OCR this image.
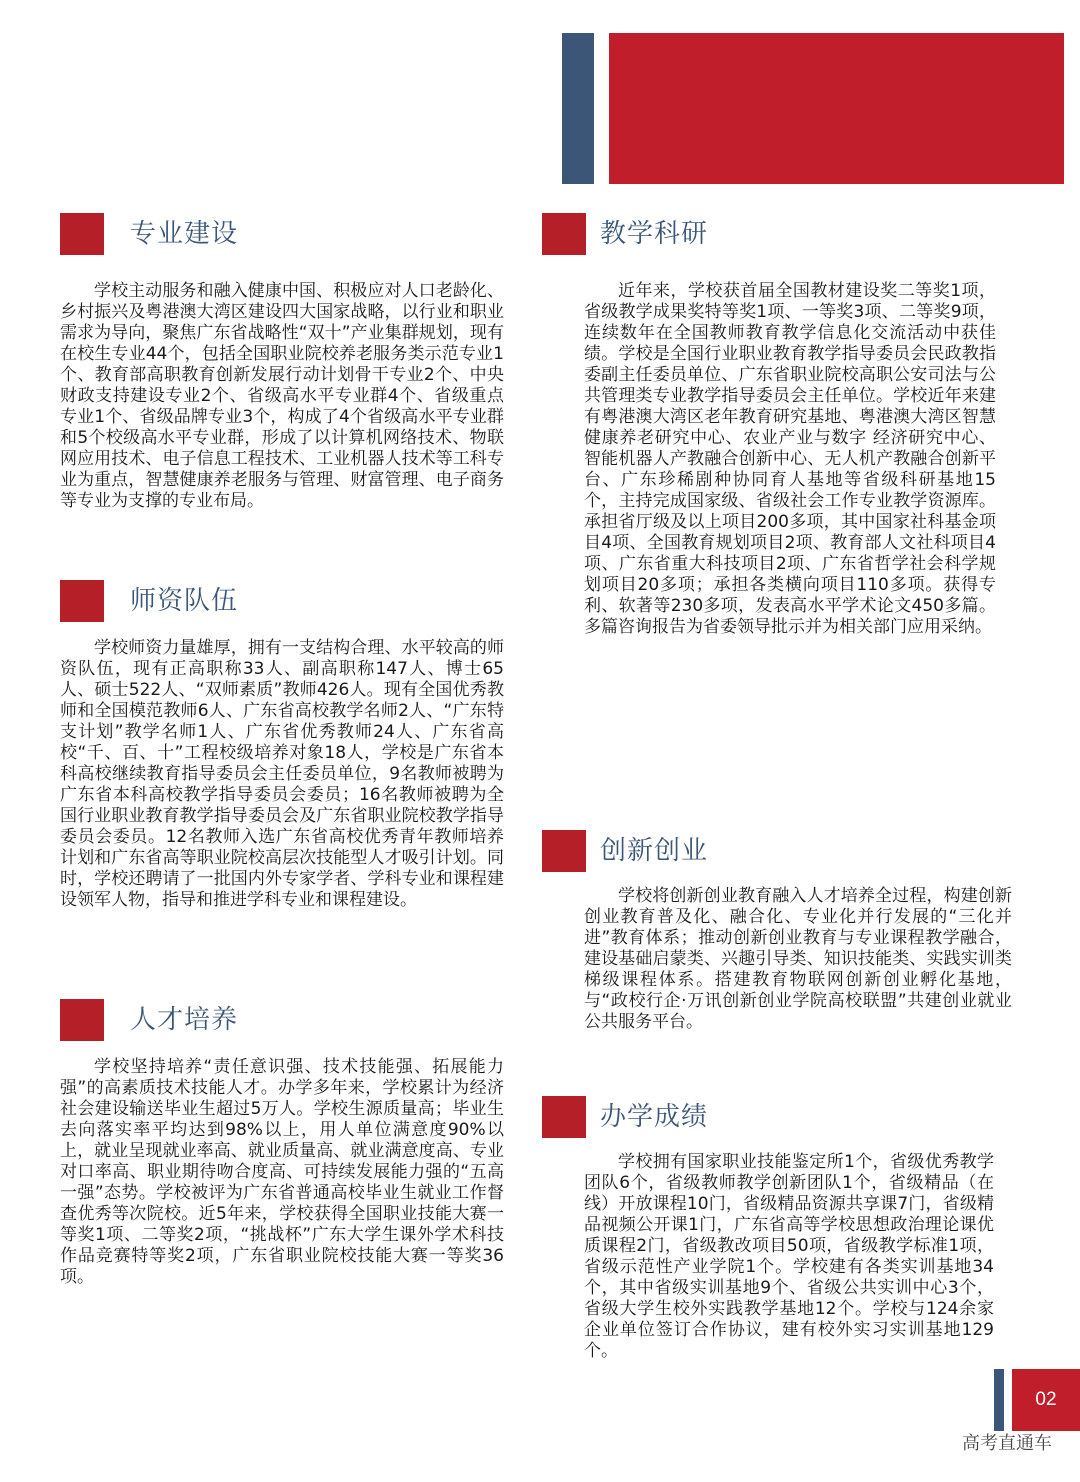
专业建设

学校主动服务和融入健康中国、积极应对人口老龄化、乡村振兴及粤港澳大湾区建设四大国家战略，以行业和职业需求为导向，聚焦广东省战略性“双十”产业集群规划，现有在校生专业44个，包括全国职业院校养老服务类示范专业1个、教育部高职教育创新发展行动计划骨干专业2个、中央财政支持建设专业2个、省级高水平专业群4个、省级重点专业1个、省级品牌专业3个，构成了4个省级高水平专业群和5个校级高水平专业群，形成了以计算机网络技术、物联网应用技术、电子信息工程技术、工业机器人技术等工科专业为重点，智慧健康养老服务与管理、财富管理、电子商务等专业为支撑的专业布局。

师资队伍

学校师资力量雄厚，拥有一支结构合理、水平较高的师资队伍，现有正高职称33人、副高职称147人、博士65人、硕士522人、“双师素质”教师426人。现有全国优秀教师和全国模范教师6人、广东省高校教学名师2人、“广东特支计划”教学名师1人、广东省优秀教师24人、广东省高校“千、百、十”工程校级培养对象18人，学校是广东省本科高校继续教育指导委员会主任委员单位，9名教师被聘为广东省本科高校教学指导委员会委员；16名教师被聘为全国行业职业教育教学指导委员会及广东省职业院校教学指导委员会委员。12名教师入选广东省高校优秀青年教师培养计划和广东省高等职业院校高层次技能型人才吸引计划。同时，学校还聘请了一批国内外专家学者、学科专业和课程建设领军人物，指导和推进学科专业和课程建设。

人才培养

学校坚持培养“责任意识强、技术技能强、拓展能力强”的高素质技术技能人才。办学多年来，学校累计为经济社会建设输送毕业生超过5万人。学校生源质量高；毕业生去向落实率平均达到98%以上，用人单位满意度90%以上，就业呈现就业率高、就业质量高、就业满意度高、专业对口率高、职业期待吻合度高、可持续发展能力强的“五高一强”态势。学校被评为广东省普通高校毕业生就业工作督查优秀等次院校。近5年来，学校获得全国职业技能大赛一等奖1项、二等奖2项，“挑战杯”广东大学生课外学术科技作品竞赛特等奖2项，广东省职业院校技能大赛一等奖36项。

教学科研

近年来，学校获首届全国教材建设奖二等奖1项，省级教学成果奖特等奖1项、一等奖3项、二等奖9项，连续数年在全国教师教育教学信息化交流活动中获佳绩。学校是全国行业职业教育教学指导委员会民政教指委副主任委员单位、广东省职业院校高职公安司法与公共管理类专业教学指导委员会主任单位。学校近年来建有粤港澳大湾区老年教育研究基地、粤港澳大湾区智慧健康养老研究中心、农业产业与数字 经济研究中心、智能机器人产教融合创新中心、无人机产教融合创新平台、广东珍稀剧种协同育人基地等省级科研基地15个，主持完成国家级、省级社会工作专业教学资源库。承担省厅级及以上项目200多项，其中国家社科基金项目4项、全国教育规划项目2项、教育部人文社科项目4项、广东省重大科技项目2项、广东省哲学社会科学规划项目20多项；承担各类横向项目110多项。获得专利、软著等230多项，发表高水平学术论文450多篇。多篇咨询报告为省委领导批示并为相关部门应用采纳。

创新创业

学校将创新创业教育融入人才培养全过程，构建创新创业教育普及化、融合化、专业化并行发展的“三化并进”教育体系；推动创新创业教育与专业课程教学融合，建设基础启蒙类、兴趣引导类、知识技能类、实践实训类梯级课程体系。搭建教育物联网创新创业孵化基地，与“政校行企·万讯创新创业学院高校联盟”共建创业就业公共服务平台。

办学成绩

学校拥有国家职业技能鉴定所1个，省级优秀教学团队6个，省级教师教学创新团队1个，省级精品（在线）开放课程10门，省级精品资源共享课7门，省级精品视频公开课1门，广东省高等学校思想政治理论课优质课程2门，省级教改项目50项，省级教学标准1项，省级示范性产业学院1个。学校建有各类实训基地34个，其中省级实训基地9个、省级公共实训中心3个，省级大学生校外实践教学基地12个。学校与124余家企业单位签订合作协议，建有校外实习实训基地129个。

02
高考直通车
